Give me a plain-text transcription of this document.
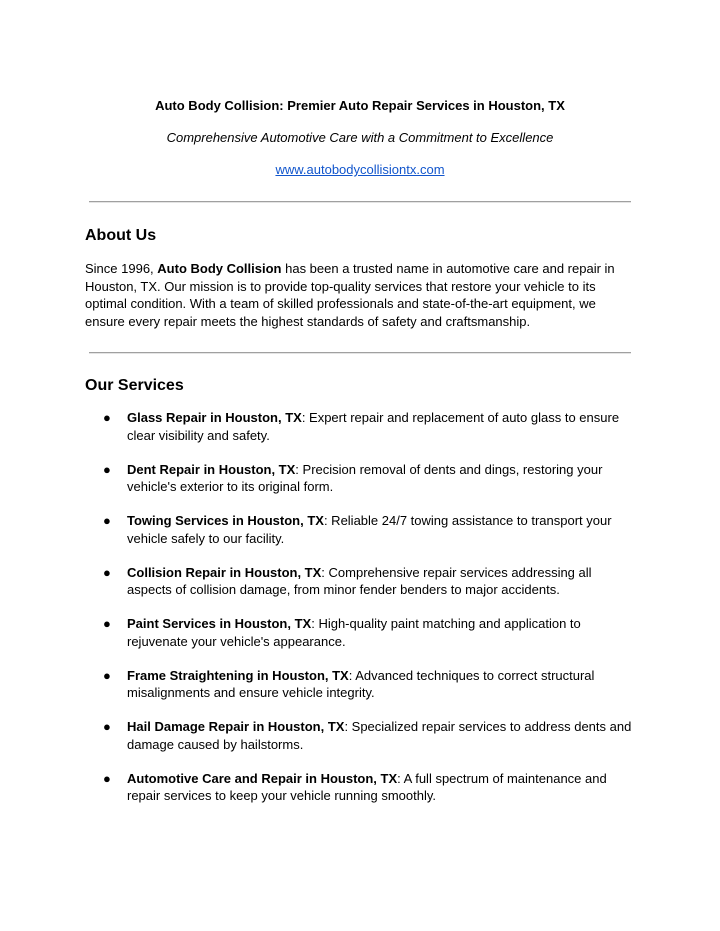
Auto Body Collision: Premier Auto Repair Services in Houston, TX
Comprehensive Automotive Care with a Commitment to Excellence
www.autobodycollisiontx.com
About Us
Since 1996, Auto Body Collision has been a trusted name in automotive care and repair in Houston, TX. Our mission is to provide top-quality services that restore your vehicle to its optimal condition. With a team of skilled professionals and state-of-the-art equipment, we ensure every repair meets the highest standards of safety and craftsmanship.
Our Services
● Glass Repair in Houston, TX: Expert repair and replacement of auto glass to ensure clear visibility and safety.
● Dent Repair in Houston, TX: Precision removal of dents and dings, restoring your vehicle's exterior to its original form.
● Towing Services in Houston, TX: Reliable 24/7 towing assistance to transport your vehicle safely to our facility.
● Collision Repair in Houston, TX: Comprehensive repair services addressing all aspects of collision damage, from minor fender benders to major accidents.
● Paint Services in Houston, TX: High-quality paint matching and application to rejuvenate your vehicle's appearance.
● Frame Straightening in Houston, TX: Advanced techniques to correct structural misalignments and ensure vehicle integrity.
● Hail Damage Repair in Houston, TX: Specialized repair services to address dents and damage caused by hailstorms.
● Automotive Care and Repair in Houston, TX: A full spectrum of maintenance and repair services to keep your vehicle running smoothly.
